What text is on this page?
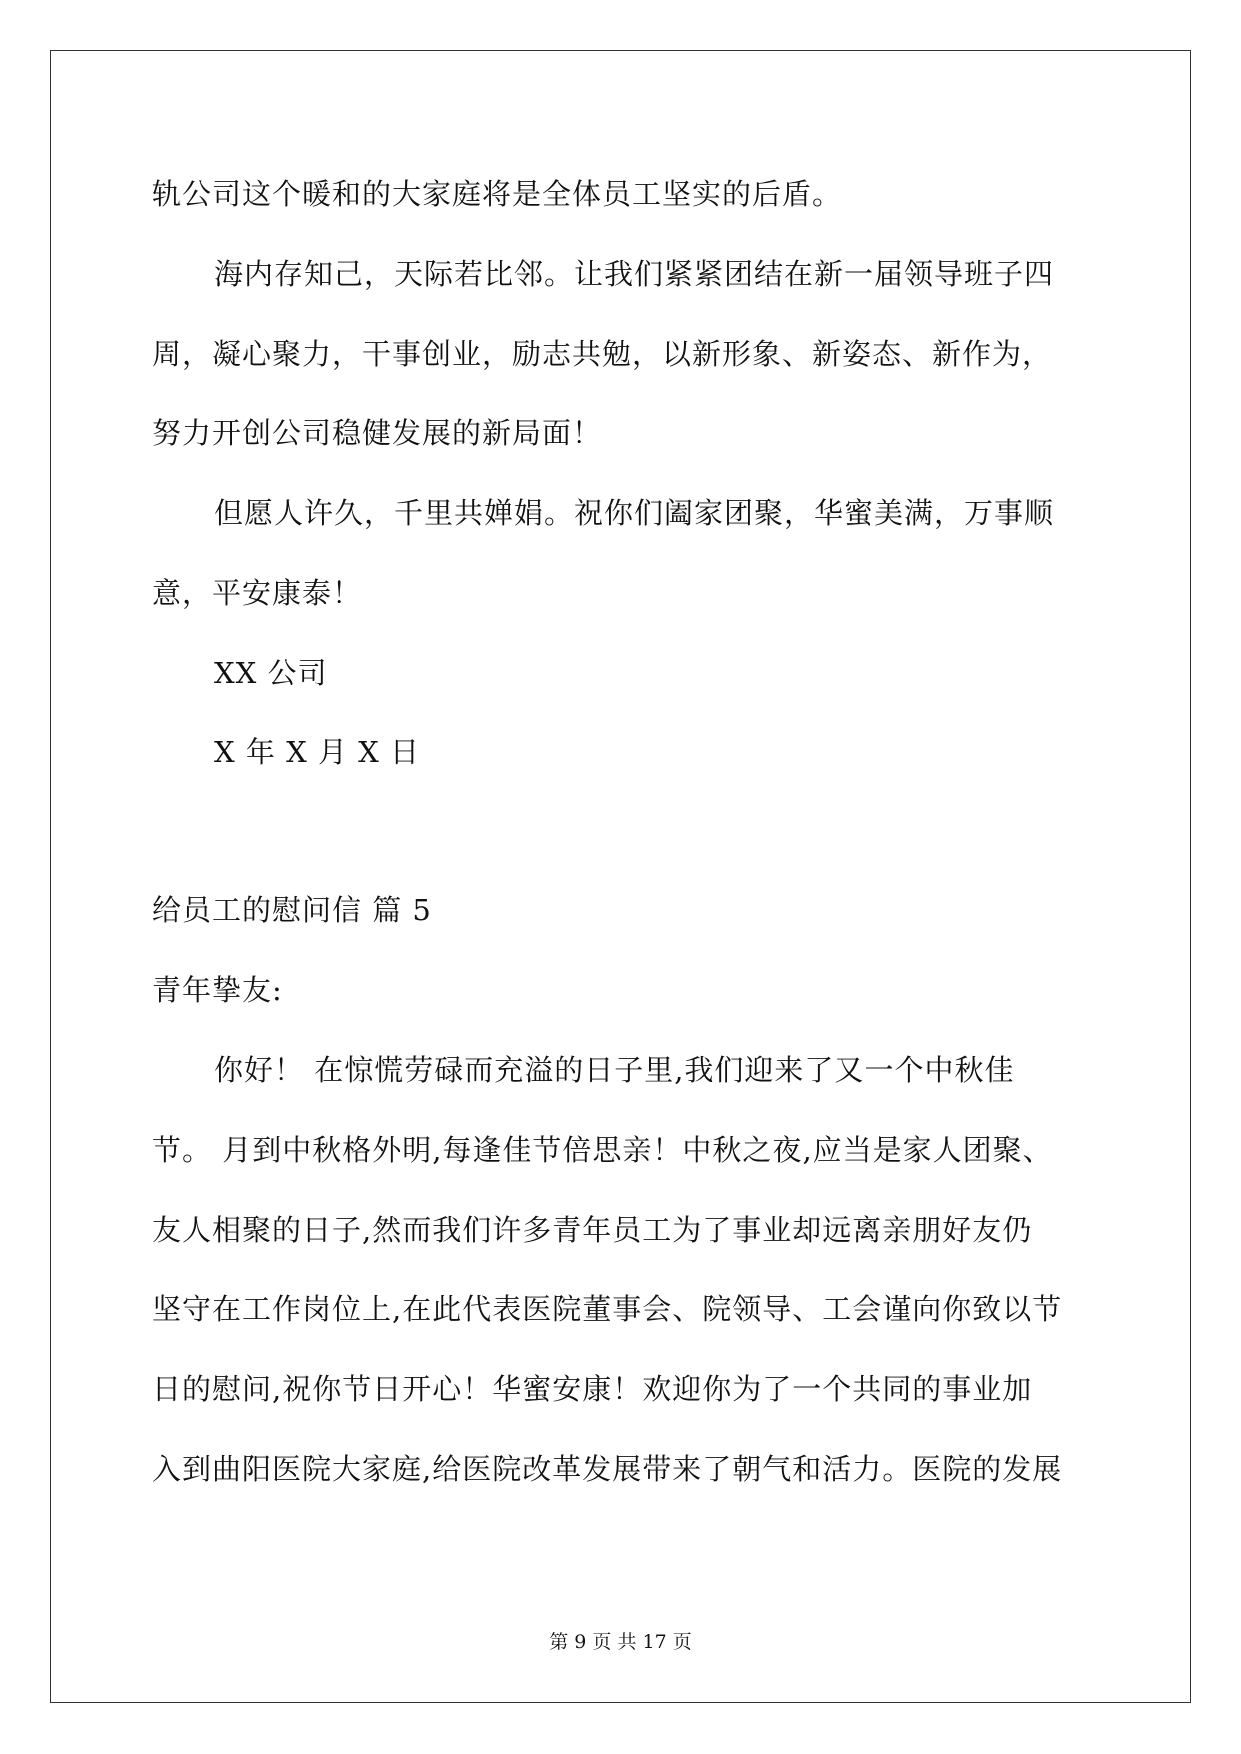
轨公司这个暖和的大家庭将是全体员工坚实的后盾。
海内存知己，天际若比邻。让我们紧紧团结在新一届领导班子四
周，凝心聚力，干事创业，励志共勉，以新形象、新姿态、新作为，
努力开创公司稳健发展的新局面！
但愿人许久，千里共婵娟。祝你们阖家团聚，华蜜美满，万事顺
意，平安康泰！
XX 公司
X 年 X 月 X 日
给员工的慰问信 篇 5
青年挚友:
你好！ 在惊慌劳碌而充溢的日子里,我们迎来了又一个中秋佳
节。 月到中秋格外明,每逢佳节倍思亲！中秋之夜,应当是家人团聚、
友人相聚的日子,然而我们许多青年员工为了事业却远离亲朋好友仍
坚守在工作岗位上,在此代表医院董事会、院领导、工会谨向你致以节
日的慰问,祝你节日开心！华蜜安康！欢迎你为了一个共同的事业加
入到曲阳医院大家庭,给医院改革发展带来了朝气和活力。医院的发展
第 9 页 共 17 页
